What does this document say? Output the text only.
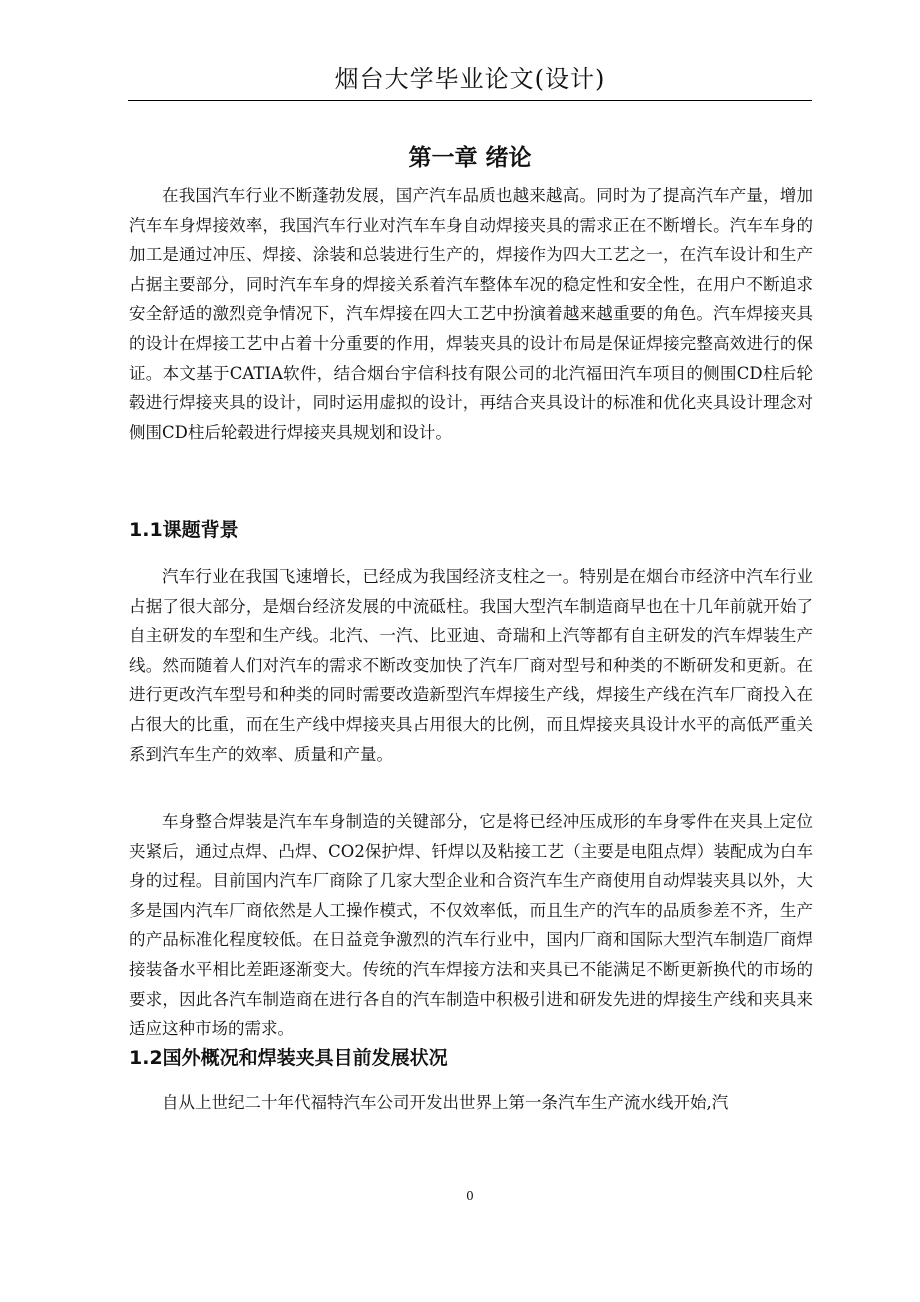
烟台大学毕业论文(设计)
第一章 绪论

在我国汽车行业不断蓬勃发展，国产汽车品质也越来越高。同时为了提高汽车产量，增加汽车车身焊接效率，我国汽车行业对汽车车身自动焊接夹具的需求正在不断增长。汽车车身的加工是通过冲压、焊接、涂装和总装进行生产的，焊接作为四大工艺之一，在汽车设计和生产占据主要部分，同时汽车车身的焊接关系着汽车整体车况的稳定性和安全性，在用户不断追求安全舒适的激烈竞争情况下，汽车焊接在四大工艺中扮演着越来越重要的角色。汽车焊接夹具的设计在焊接工艺中占着十分重要的作用，焊装夹具的设计布局是保证焊接完整高效进行的保证。本文基于CATIA软件，结合烟台宇信科技有限公司的北汽福田汽车项目的侧围CD柱后轮毂进行焊接夹具的设计，同时运用虚拟的设计，再结合夹具设计的标准和优化夹具设计理念对侧围CD柱后轮毂进行焊接夹具规划和设计。

1.1课题背景

汽车行业在我国飞速增长，已经成为我国经济支柱之一。特别是在烟台市经济中汽车行业占据了很大部分，是烟台经济发展的中流砥柱。我国大型汽车制造商早也在十几年前就开始了自主研发的车型和生产线。北汽、一汽、比亚迪、奇瑞和上汽等都有自主研发的汽车焊装生产线。然而随着人们对汽车的需求不断改变加快了汽车厂商对型号和种类的不断研发和更新。在进行更改汽车型号和种类的同时需要改造新型汽车焊接生产线，焊接生产线在汽车厂商投入在占很大的比重，而在生产线中焊接夹具占用很大的比例，而且焊接夹具设计水平的高低严重关系到汽车生产的效率、质量和产量。

车身整合焊装是汽车车身制造的关键部分，它是将已经冲压成形的车身零件在夹具上定位夹紧后，通过点焊、凸焊、CO2保护焊、钎焊以及粘接工艺（主要是电阻点焊）装配成为白车身的过程。目前国内汽车厂商除了几家大型企业和合资汽车生产商使用自动焊装夹具以外，大多是国内汽车厂商依然是人工操作模式，不仅效率低，而且生产的汽车的品质参差不齐，生产的产品标准化程度较低。在日益竞争激烈的汽车行业中，国内厂商和国际大型汽车制造厂商焊接装备水平相比差距逐渐变大。传统的汽车焊接方法和夹具已不能满足不断更新换代的市场的要求，因此各汽车制造商在进行各自的汽车制造中积极引进和研发先进的焊接生产线和夹具来适应这种市场的需求。

1.2国外概况和焊装夹具目前发展状况

自从上世纪二十年代福特汽车公司开发出世界上第一条汽车生产流水线开始,汽

0
